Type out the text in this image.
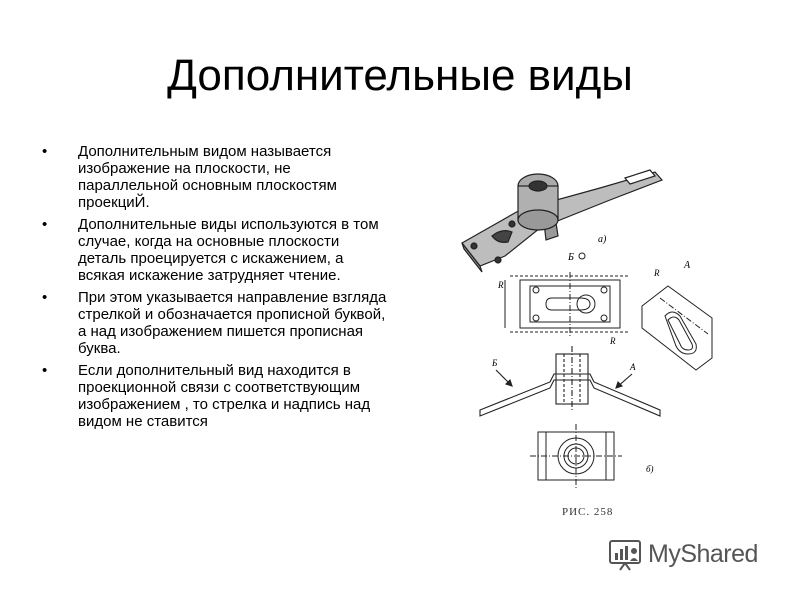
Дополнительные виды
• Дополнительным видом называется изображение на плоскости, не параллельной основным плоскостям проекциЙ.
• Дополнительные виды используются в том случае, когда на основные плоскости деталь проецируется с искажением, а всякая искажение затрудняет чтение.
• При этом указывается направление взгляда стрелкой и обозначается прописной буквой, а над изображением пишется прописная буква.
• Если дополнительный вид находится в проекционной связи с соответствующим изображением , то стрелка и надпись над видом не ставится
а)
Б
R
R
А
R
Б	А
б)
РИС. 258
MyShared
